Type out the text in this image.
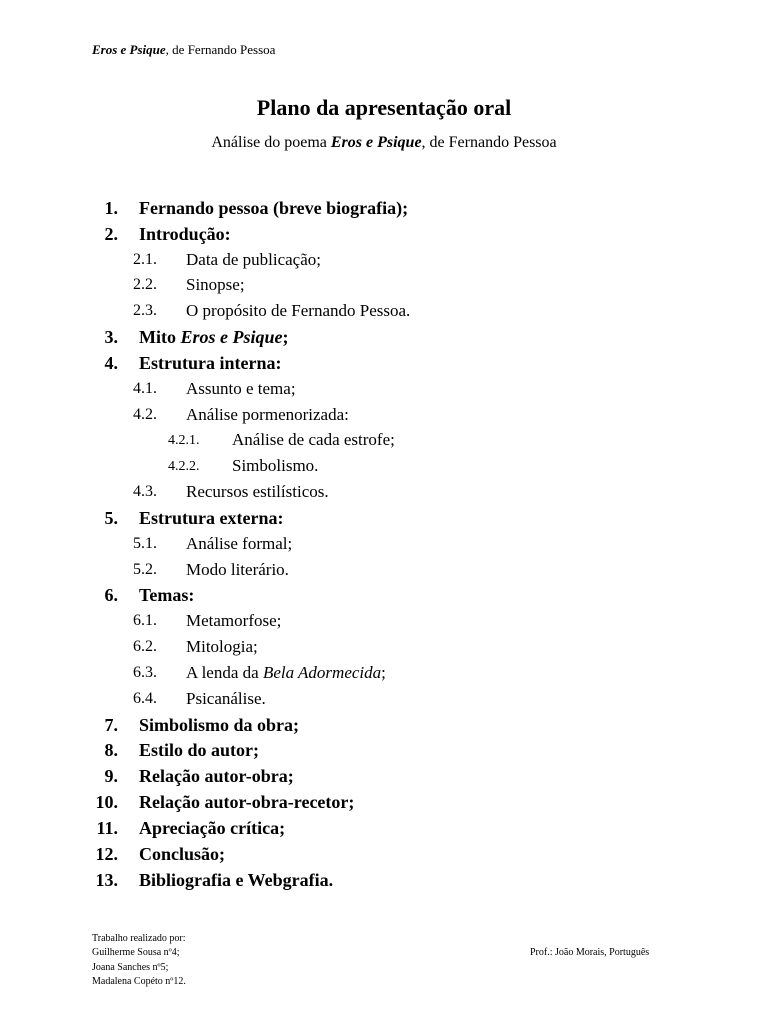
Eros e Psique, de Fernando Pessoa
Plano da apresentação oral
Análise do poema Eros e Psique, de Fernando Pessoa
1. Fernando pessoa (breve biografia);
2. Introdução:
2.1. Data de publicação;
2.2. Sinopse;
2.3. O propósito de Fernando Pessoa.
3. Mito Eros e Psique;
4. Estrutura interna:
4.1. Assunto e tema;
4.2. Análise pormenorizada:
4.2.1. Análise de cada estrofe;
4.2.2. Simbolismo.
4.3. Recursos estilísticos.
5. Estrutura externa:
5.1. Análise formal;
5.2. Modo literário.
6. Temas:
6.1. Metamorfose;
6.2. Mitologia;
6.3. A lenda da Bela Adormecida;
6.4. Psicanálise.
7. Simbolismo da obra;
8. Estilo do autor;
9. Relação autor-obra;
10. Relação autor-obra-recetor;
11. Apreciação crítica;
12. Conclusão;
13. Bibliografia e Webgrafia.
Trabalho realizado por:
Guilherme Sousa nº4;
Joana Sanches nº5;
Madalena Copéto nº12.
Prof.: João Morais, Português
